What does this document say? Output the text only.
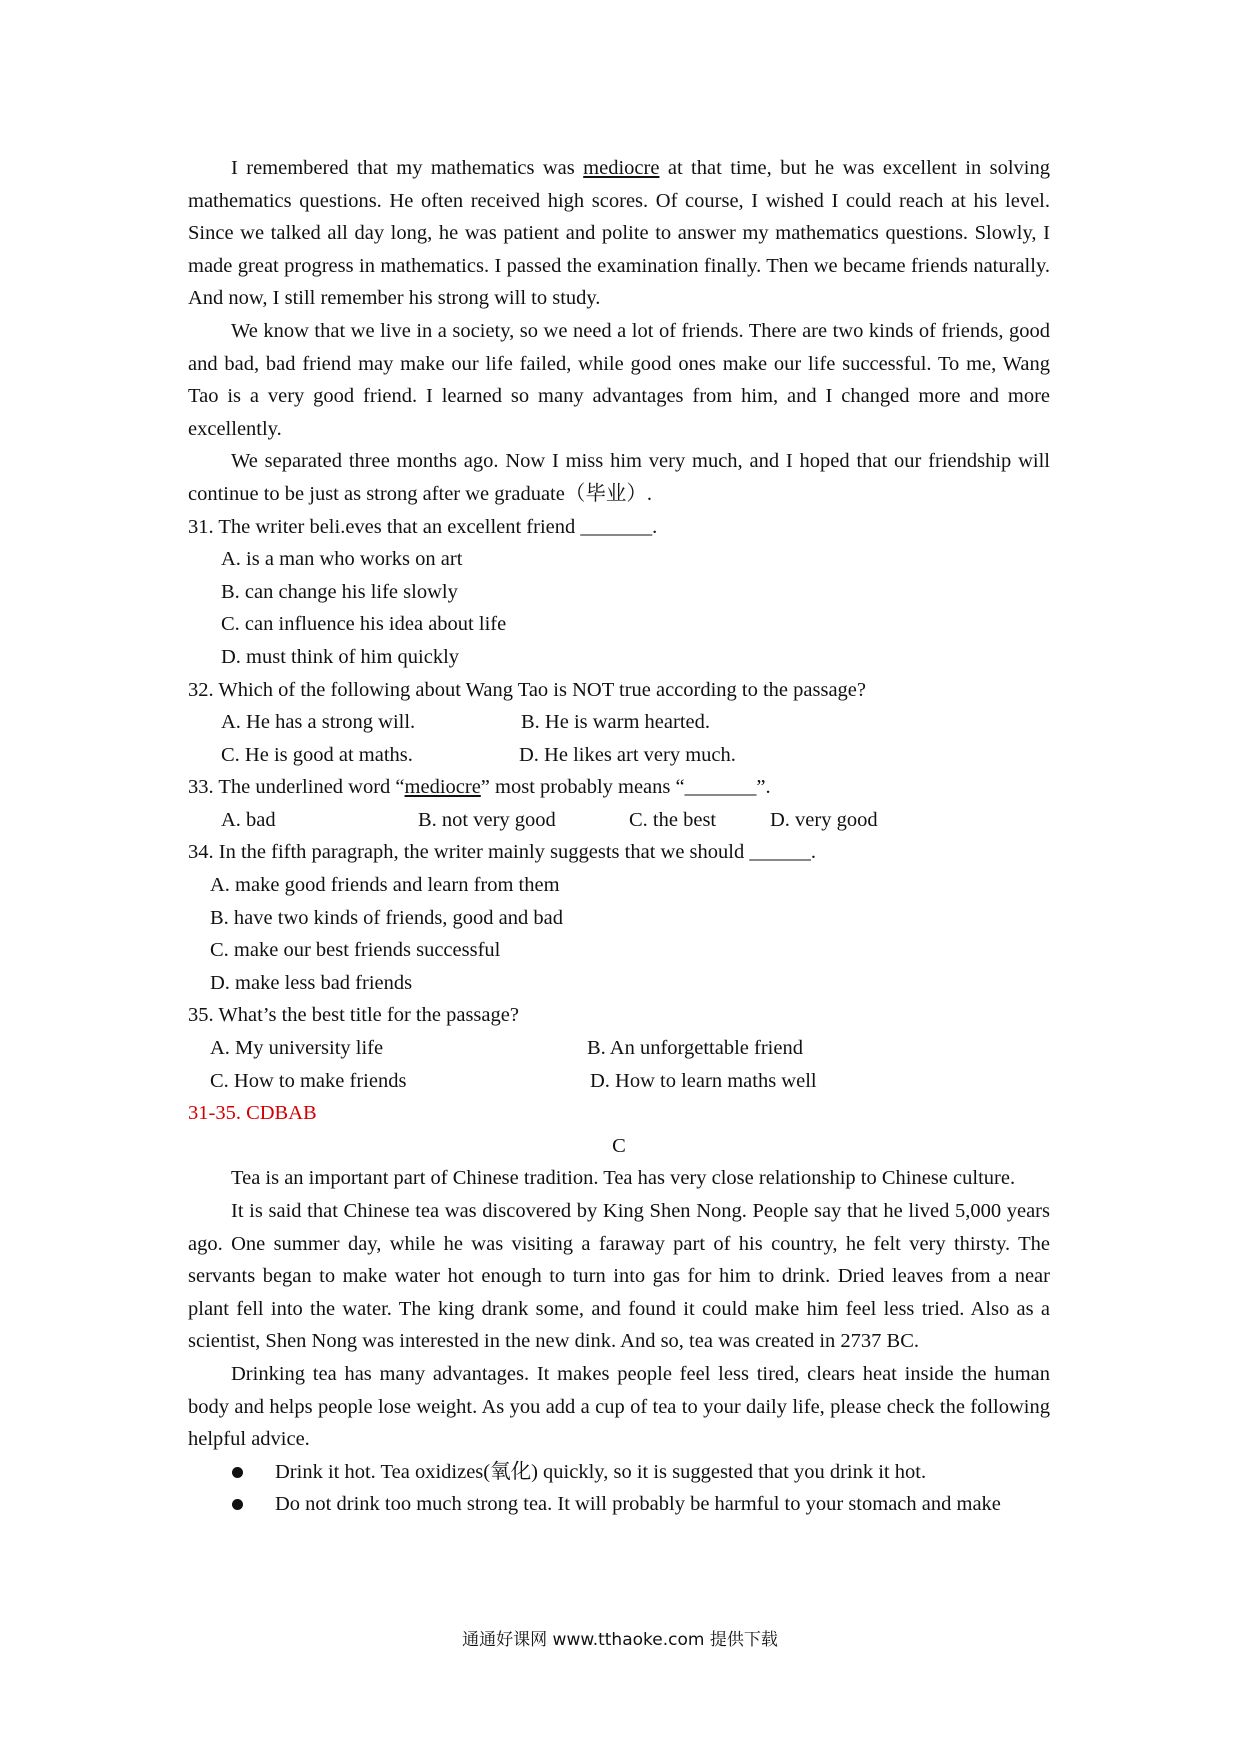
I remembered that my mathematics was mediocre at that time, but he was excellent in solving mathematics questions. He often received high scores. Of course, I wished I could reach at his level. Since we talked all day long, he was patient and polite to answer my mathematics questions. Slowly, I made great progress in mathematics. I passed the examination finally. Then we became friends naturally. And now, I still remember his strong will to study.

We know that we live in a society, so we need a lot of friends. There are two kinds of friends, good and bad, bad friend may make our life failed, while good ones make our life successful. To me, Wang Tao is a very good friend. I learned so many advantages from him, and I changed more and more excellently.

We separated three months ago. Now I miss him very much, and I hoped that our friendship will continue to be just as strong after we graduate（毕业）.

31. The writer beli.eves that an excellent friend _______.

A. is a man who works on art

B. can change his life slowly

C. can influence his idea about life

D. must think of him quickly

32. Which of the following about Wang Tao is NOT true according to the passage?

A. He has a strong will.	B. He is warm hearted.
C. He is good at maths.	D. He likes art very much.

33. The underlined word “mediocre” most probably means “_______”.

A. bad	B. not very good	C. the best	D. very good

34. In the fifth paragraph, the writer mainly suggests that we should ______.

A. make good friends and learn from them

B. have two kinds of friends, good and bad

C. make our best friends successful

D. make less bad friends

35. What’s the best title for the passage?

A. My university life	B. An unforgettable friend
C. How to make friends	D. How to learn maths well

31-35. CDBAB

C

Tea is an important part of Chinese tradition. Tea has very close relationship to Chinese culture.

It is said that Chinese tea was discovered by King Shen Nong. People say that he lived 5,000 years ago. One summer day, while he was visiting a faraway part of his country, he felt very thirsty. The servants began to make water hot enough to turn into gas for him to drink. Dried leaves from a near plant fell into the water. The king drank some, and found it could make him feel less tried. Also as a scientist, Shen Nong was interested in the new dink. And so, tea was created in 2737 BC.

Drinking tea has many advantages. It makes people feel less tired, clears heat inside the human body and helps people lose weight. As you add a cup of tea to your daily life, please check the following helpful advice.

Drink it hot. Tea oxidizes(氧化) quickly, so it is suggested that you drink it hot.
Do not drink too much strong tea. It will probably be harmful to your stomach and make
通通好课网 www.tthaoke.com 提供下载
